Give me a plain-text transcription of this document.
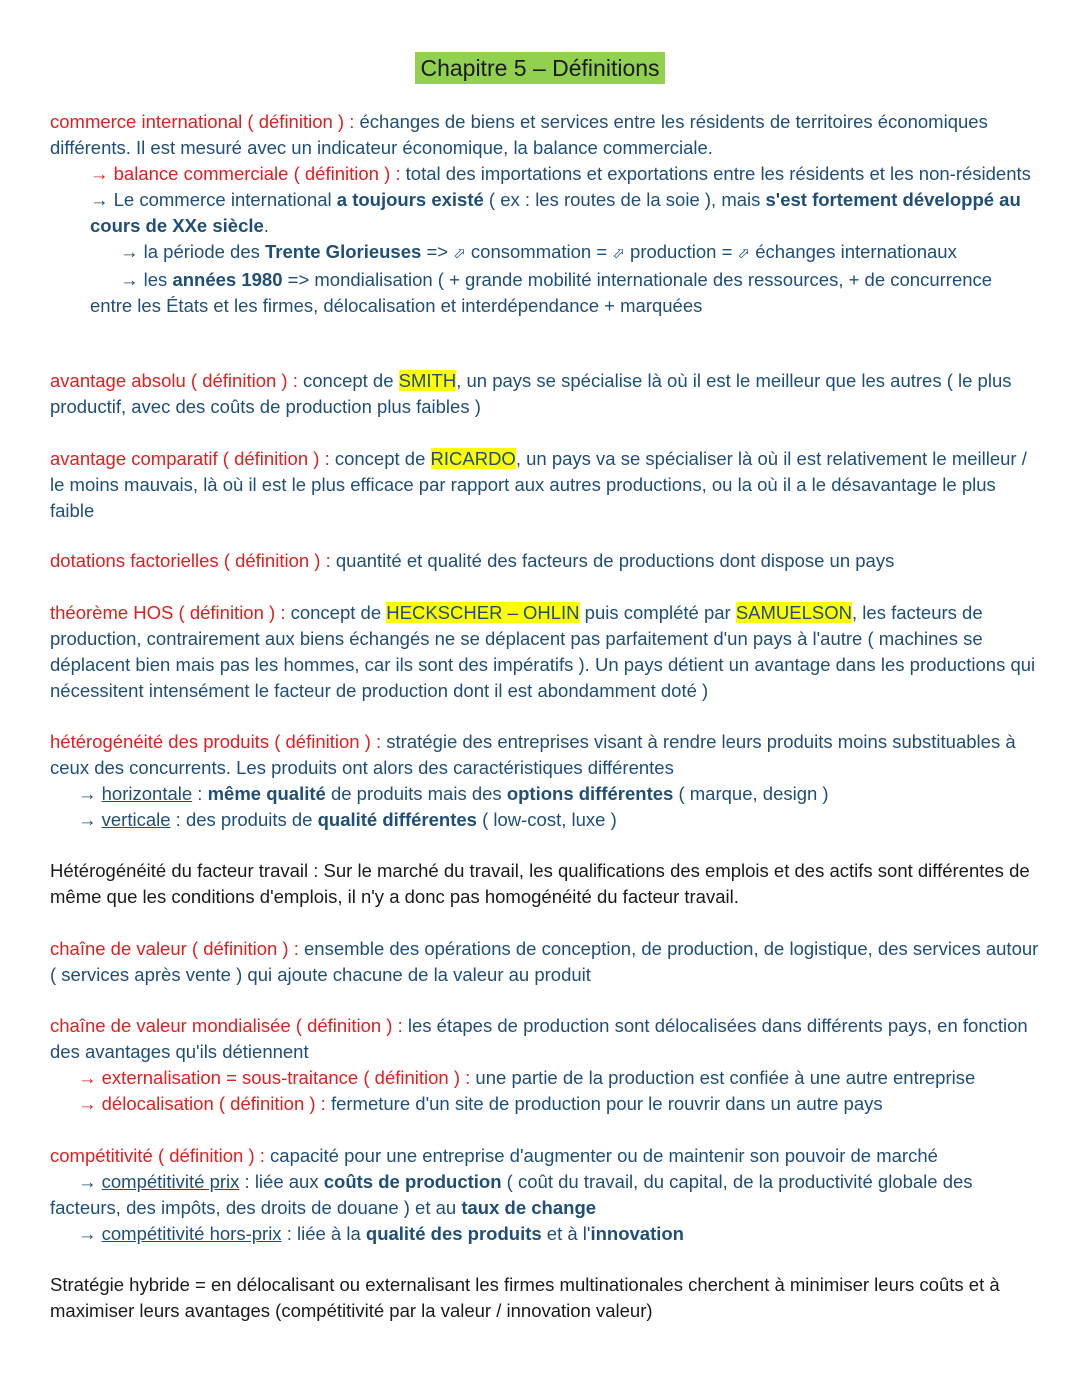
Chapitre 5 – Définitions

commerce international ( définition ) : échanges de biens et services entre les résidents de territoires économiques différents. Il est mesuré avec un indicateur économique, la balance commerciale.

→ balance commerciale ( définition ) : total des importations et exportations entre les résidents et les non-résidents

→ Le commerce international a toujours existé ( ex : les routes de la soie ), mais s'est fortement développé au cours de XXe siècle.

→ la période des Trente Glorieuses => ⬀ consommation = ⬀ production = ⬀ échanges internationaux

→ les années 1980 => mondialisation ( + grande mobilité internationale des ressources, + de concurrence

entre les États et les firmes, délocalisation et interdépendance + marquées

avantage absolu ( définition ) : concept de SMITH, un pays se spécialise là où il est le meilleur que les autres ( le plus productif, avec des coûts de production plus faibles )

avantage comparatif ( définition ) : concept de RICARDO, un pays va se spécialiser là où il est relativement le meilleur / le moins mauvais, là où il est le plus efficace par rapport aux autres productions, ou la où il a le désavantage le plus faible

dotations factorielles ( définition ) : quantité et qualité des facteurs de productions dont dispose un pays

théorème HOS ( définition ) : concept de HECKSCHER – OHLIN puis complété par SAMUELSON, les facteurs de production, contrairement aux biens échangés ne se déplacent pas parfaitement d'un pays à l'autre ( machines se déplacent bien mais pas les hommes, car ils sont des impératifs ). Un pays détient un avantage dans les productions qui nécessitent intensément le facteur de production dont il est abondamment doté )

hétérogénéité des produits ( définition ) : stratégie des entreprises visant à rendre leurs produits moins substituables à ceux des concurrents. Les produits ont alors des caractéristiques différentes

→ horizontale : même qualité de produits mais des options différentes ( marque, design )

→ verticale : des produits de qualité différentes ( low-cost, luxe )

Hétérogénéité du facteur travail : Sur le marché du travail, les qualifications des emplois et des actifs sont différentes de même que les conditions d'emplois, il n'y a donc pas homogénéité du facteur travail.

chaîne de valeur ( définition ) : ensemble des opérations de conception, de production, de logistique, des services autour ( services après vente ) qui ajoute chacune de la valeur au produit

chaîne de valeur mondialisée ( définition ) : les étapes de production sont délocalisées dans différents pays, en fonction des avantages qu'ils détiennent

→ externalisation = sous-traitance ( définition ) : une partie de la production est confiée à une autre entreprise

→ délocalisation ( définition ) : fermeture d'un site de production pour le rouvrir dans un autre pays

compétitivité ( définition ) : capacité pour une entreprise d'augmenter ou de maintenir son pouvoir de marché

→ compétitivité prix : liée aux coûts de production ( coût du travail, du capital, de la productivité globale des facteurs, des impôts, des droits de douane ) et au taux de change

→ compétitivité hors-prix : liée à la qualité des produits et à l'innovation

Stratégie hybride = en délocalisant ou externalisant les firmes multinationales cherchent à minimiser leurs coûts et à maximiser leurs avantages (compétitivité par la valeur / innovation valeur)
